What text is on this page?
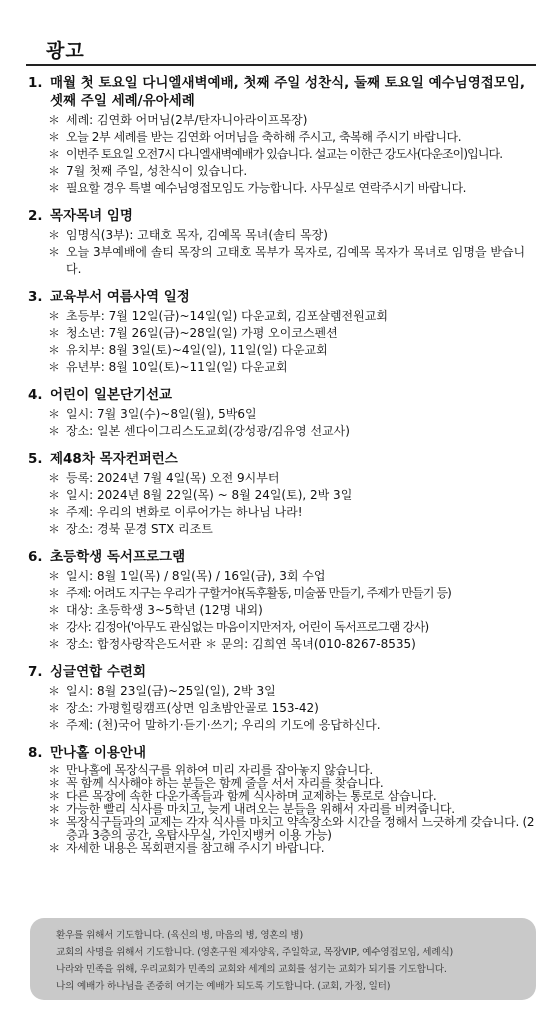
광고
1. 매월 첫 토요일 다니엘새벽예배, 첫째 주일 성찬식, 둘째 토요일 예수님영접모임, 셋째 주일 세례/유아세례
＊ 세례: 김연화 어머님(2부/탄자니아라이프목장)
＊ 오늘 2부 세례를 받는 김연화 어머님을 축하해 주시고, 축복해 주시기 바랍니다.
＊ 이번주 토요일 오전7시 다니엘새벽예배가 있습니다. 설교는 이한근 강도사(다운조이)입니다.
＊ 7월 첫째 주일, 성찬식이 있습니다.
＊ 필요할 경우 특별 예수님영접모임도 가능합니다. 사무실로 연락주시기 바랍니다.
2. 목자목녀 임명
＊ 임명식(3부): 고태호 목자, 김예목 목녀(솔티 목장)
＊ 오늘 3부예배에 솔티 목장의 고태호 목부가 목자로, 김예목 목자가 목녀로 임명을 받습니다.
3. 교육부서 여름사역 일정
＊ 초등부: 7월 12일(금)~14일(일) 다운교회, 김포살렘전원교회
＊ 청소년: 7월 26일(금)~28일(일) 가평 오이코스펜션
＊ 유치부: 8월 3일(토)~4일(일), 11일(일) 다운교회
＊ 유년부: 8월 10일(토)~11일(일) 다운교회
4. 어린이 일본단기선교
＊ 일시: 7월 3일(수)~8일(월), 5박6일
＊ 장소: 일본 센다이그리스도교회(강성광/김유영 선교사)
5. 제48차 목자컨퍼런스
＊ 등록: 2024년 7월 4일(목) 오전 9시부터
＊ 일시: 2024년 8월 22일(목) ~ 8월 24일(토), 2박 3일
＊ 주제: 우리의 변화로 이루어가는 하나님 나라!
＊ 장소: 경북 문경 STX 리조트
6. 초등학생 독서프로그램
＊ 일시: 8월 1일(목) / 8일(목) / 16일(금), 3회 수업
＊ 주제: 어려도 지구는 우리가 구할거야(독후활동, 미술품 만들기, 주제가 만들기 등)
＊ 대상: 초등학생 3~5학년 (12명 내외)
＊ 강사: 김정아('아무도 관심없는 마음이지만저자, 어린이 독서프로그램 강사)
＊ 장소: 합정사랑작은도서관 ＊ 문의: 김희연 목녀(010-8267-8535)
7. 싱글연합 수련회
＊ 일시: 8월 23일(금)~25일(일), 2박 3일
＊ 장소: 가평힐링캠프(상면 임초밤안골로 153-42)
＊ 주제: (천)국어 말하기·듣기·쓰기; 우리의 기도에 응답하신다.
8. 만나홀 이용안내
＊ 만나홀에 목장식구를 위하여 미리 자리를 잡아놓지 않습니다.
＊ 꼭 함께 식사해야 하는 분들은 함께 줄을 서서 자리를 찾습니다.
＊ 다른 목장에 속한 다운가족들과 함께 식사하며 교제하는 통로로 삼습니다.
＊ 가능한 빨리 식사를 마치고, 늦게 내려오는 분들을 위해서 자리를 비켜줍니다.
＊ 목장식구들과의 교제는 각자 식사를 마치고 약속장소와 시간을 정해서 느긋하게 갖습니다. (2층과 3층의 공간, 옥탑사무실, 가인지뱅커 이용 가능)
＊ 자세한 내용은 목회편지를 참고해 주시기 바랍니다.
환우를 위해서 기도합니다. (육신의 병, 마음의 병, 영혼의 병)
교회의 사명을 위해서 기도합니다. (영혼구원 제자양육, 주일학교, 목장VIP, 예수영접모임, 세례식)
나라와 민족을 위해, 우리교회가 민족의 교회와 세계의 교회를 섬기는 교회가 되기를 기도합니다.
나의 예배가 하나님을 존중히 여기는 예배가 되도록 기도합니다. (교회, 가정, 일터)
